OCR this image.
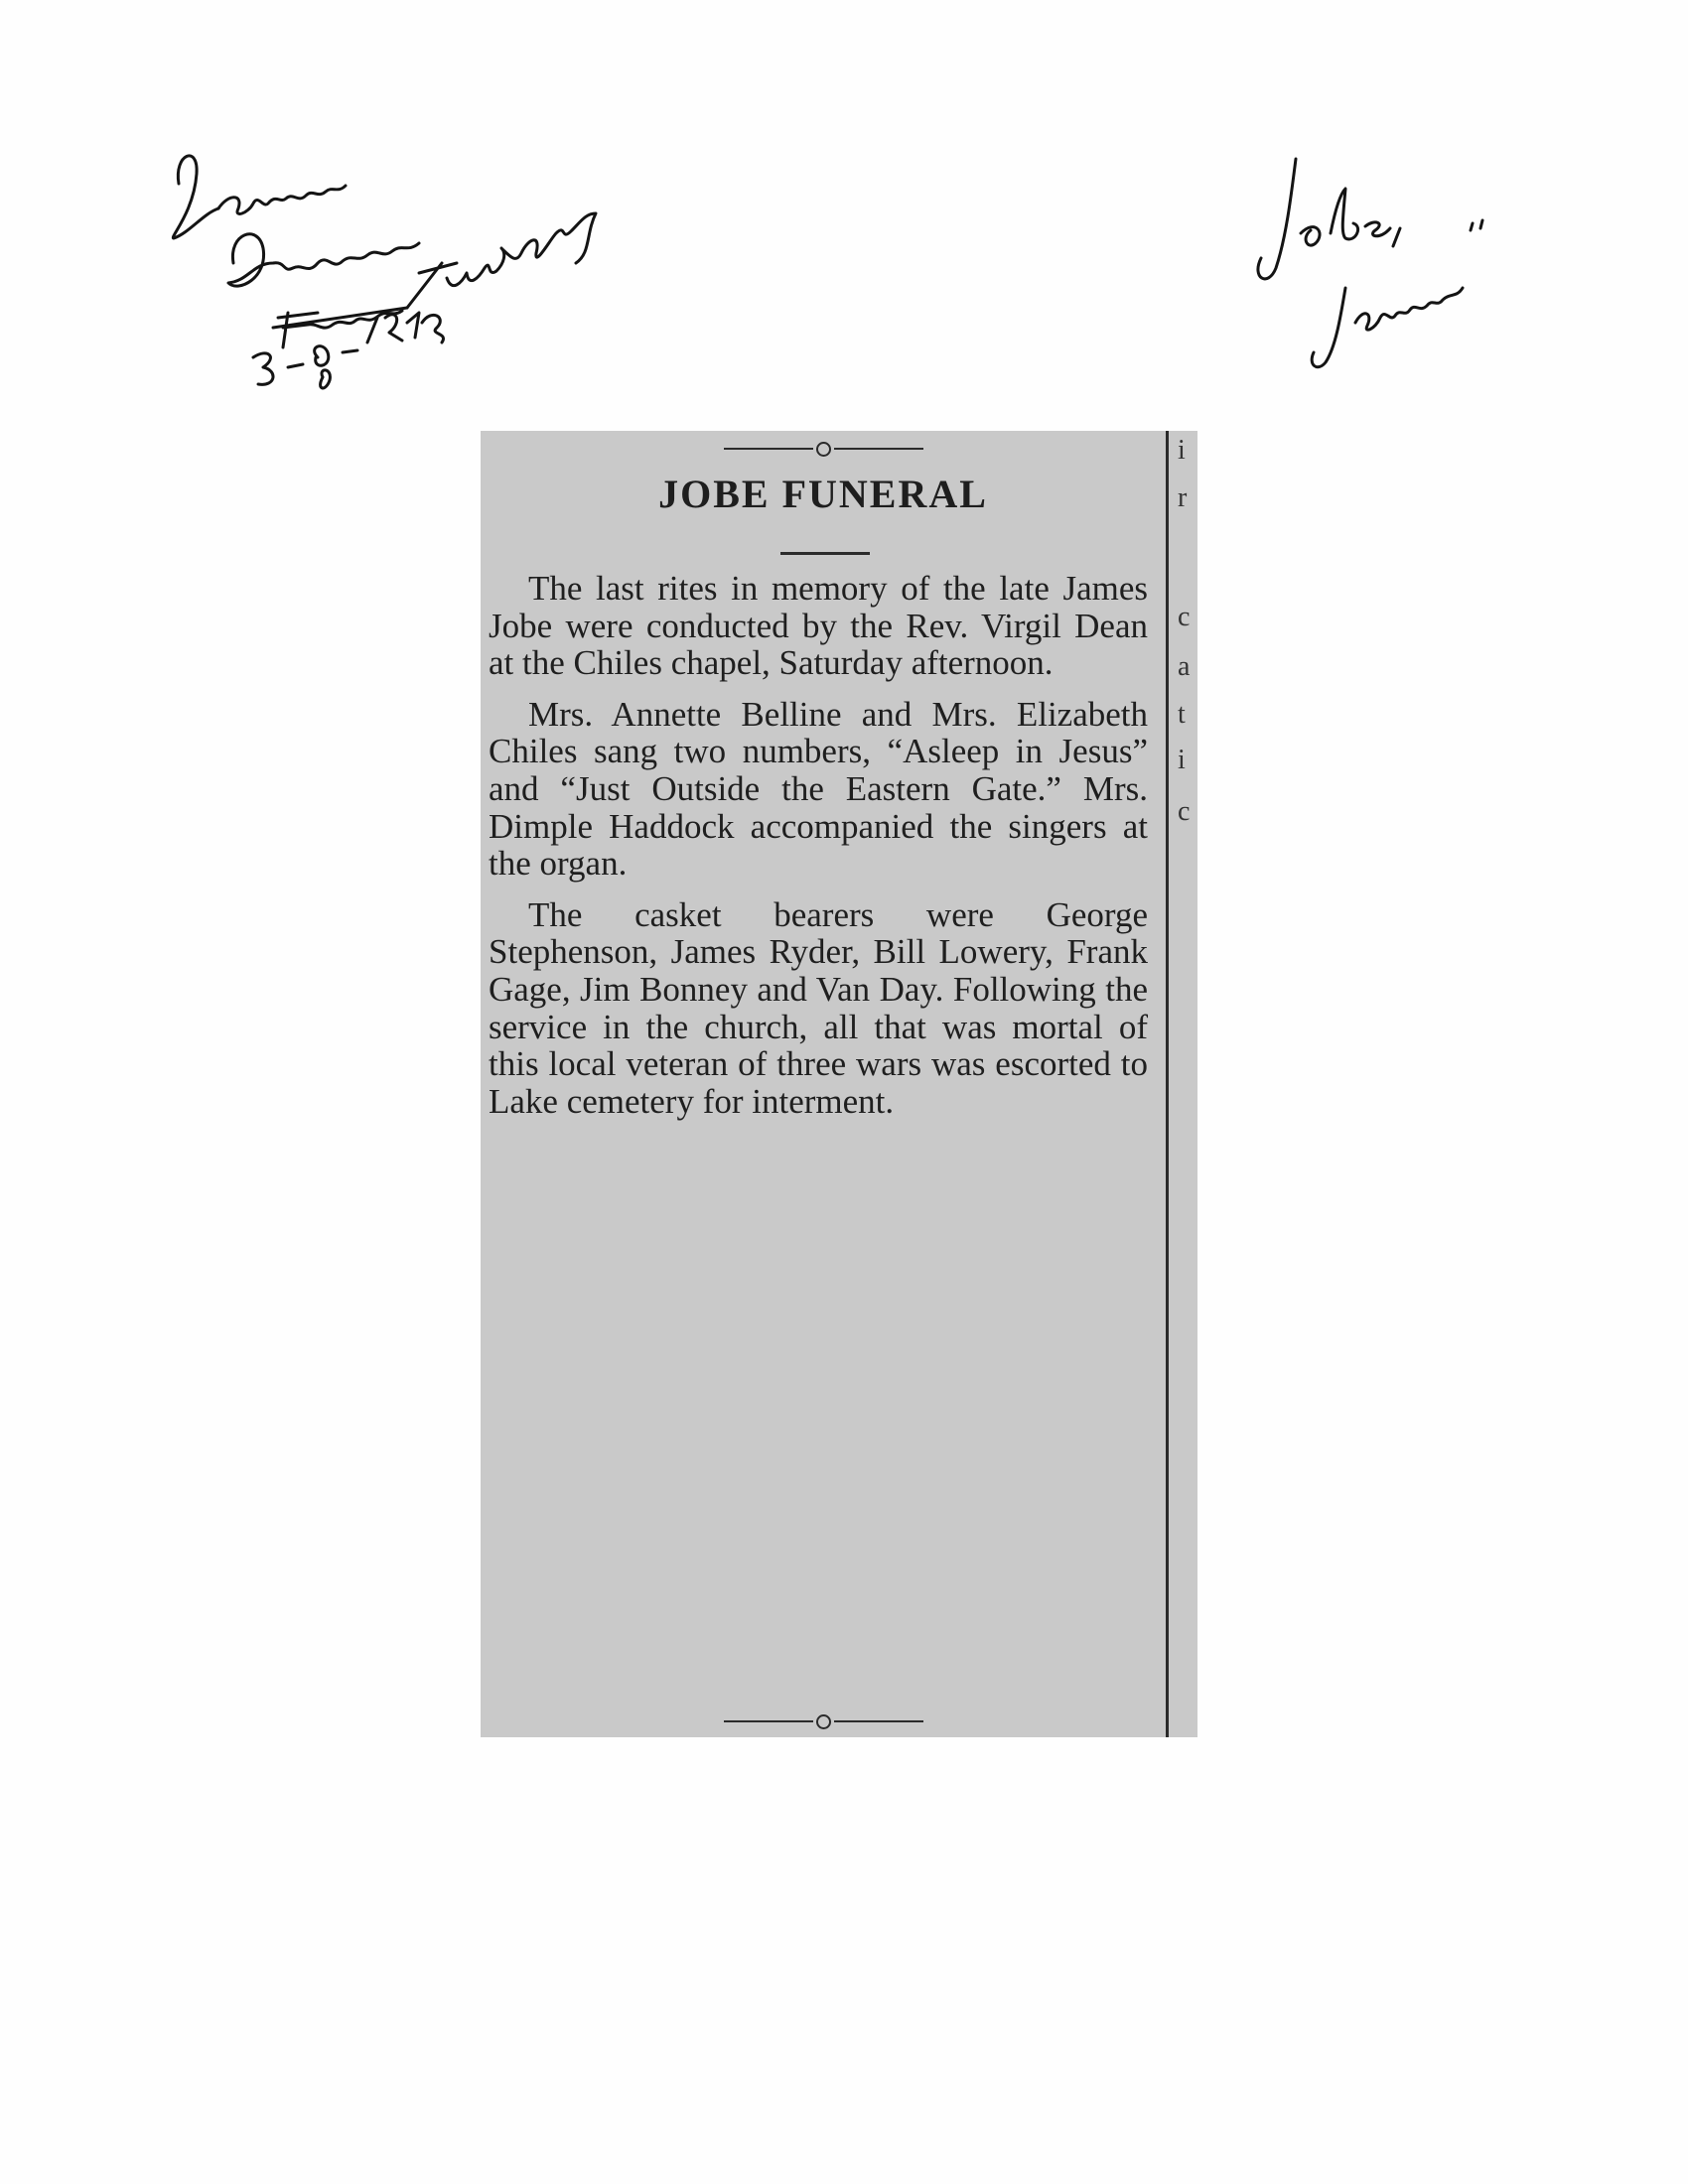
JOBE FUNERAL

The last rites in memory of the late James Jobe were conducted by the Rev. Virgil Dean at the Chiles chapel, Saturday afternoon.

Mrs. Annette Belline and Mrs. Elizabeth Chiles sang two numbers, “Asleep in Jesus” and “Just Outside the Eastern Gate.” Mrs. Dimple Haddock accompanied the singers at the organ.

The casket bearers were George Stephenson, James Ryder, Bill Lowery, Frank Gage, Jim Bonney and Van Day. Following the service in the church, all that was mortal of this local veteran of three wars was escorted to Lake cemetery for interment.

i
r
c
a
t
i
c
